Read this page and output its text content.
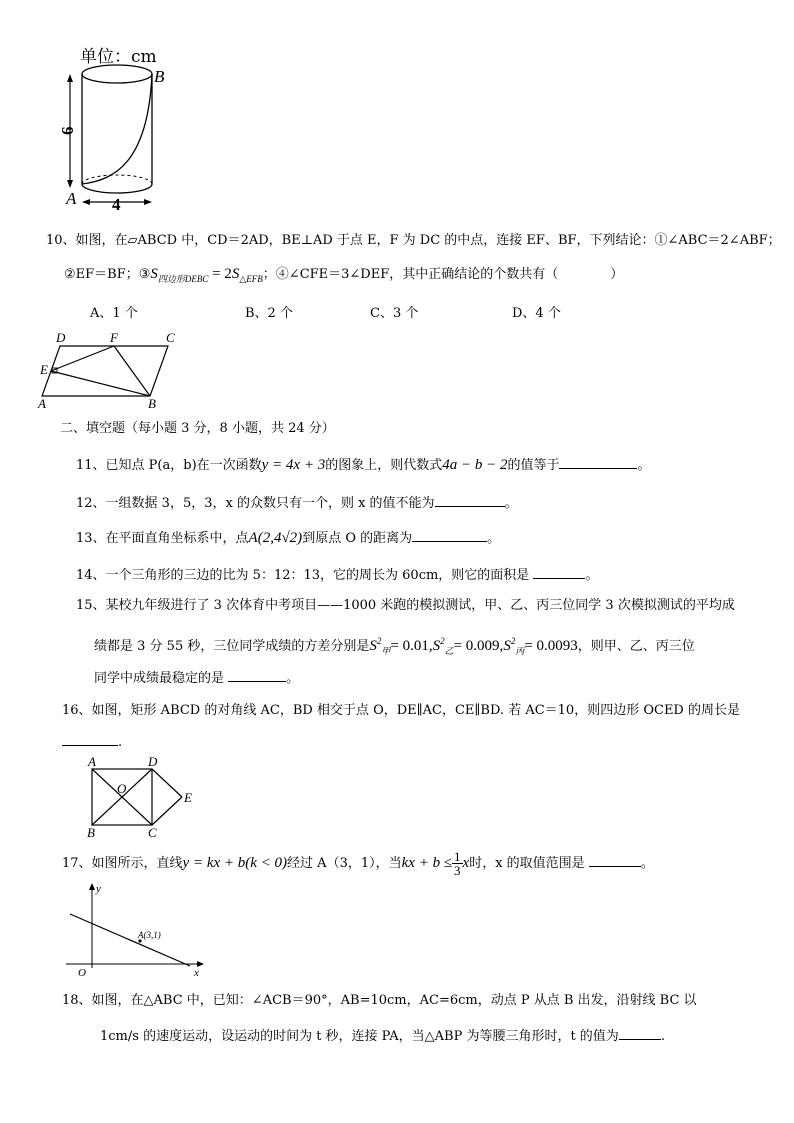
单位：cm
B
A
6
4
10、如图，在▱ABCD 中，CD＝2AD，BE⊥AD 于点 E，F 为 DC 的中点，连接 EF、BF，下列结论：①∠ABC＝2∠ABF；
②EF＝BF；$③S_{四边形DEBC} = 2S_{\triangle EFB}$；④∠CFE＝3∠DEF，其中正确结论的个数共有（　　　　）
A、1 个	B、2 个	C、3 个	D、4 个
D	F	C
E
A	B
二、填空题（每小题 3 分，8 小题，共 24 分）
11、已知点 P(a，b)在一次函数y = 4x + 3的图象上，则代数式4a − b − 2的值等于	。
12、一组数据 3，5，3，x 的众数只有一个，则 x 的值不能为	。
13、在平面直角坐标系中，点A(2,4√2)到原点 O 的距离为	。
14、一个三角形的三边的比为 5：12：13，它的周长为 60cm，则它的面积是	。
15、某校九年级进行了 3 次体育中考项目——1000 米跑的模拟测试，甲、乙、丙三位同学 3 次模拟测试的平均成
绩都是 3 分 55 秒，三位同学成绩的方差分别是$S^2_甲= 0.01,S^2_乙= 0.009,S^2_丙= 0.0093$，则甲、乙、丙三位
同学中成绩最稳定的是	。
16、如图，矩形 ABCD 的对角线 AC，BD 相交于点 O，DE∥AC，CE∥BD. 若 AC＝10，则四边形 OCED 的周长是
.
A	D
O
E
B	C
17、如图所示，直线y = kx + b(k < 0)经过 A（3，1），当kx + $b \le \frac{1}{3}$ x时，x 的取值范围是	。
y
x
O
A(3,1)
18、如图，在△ABC 中，已知：∠ACB＝90°，AB=10cm，AC=6cm，动点 P 从点 B 出发，沿射线 BC 以
1cm/s 的速度运动，设运动的时间为 t 秒，连接 PA，当△ABP 为等腰三角形时，t 的值为	.
